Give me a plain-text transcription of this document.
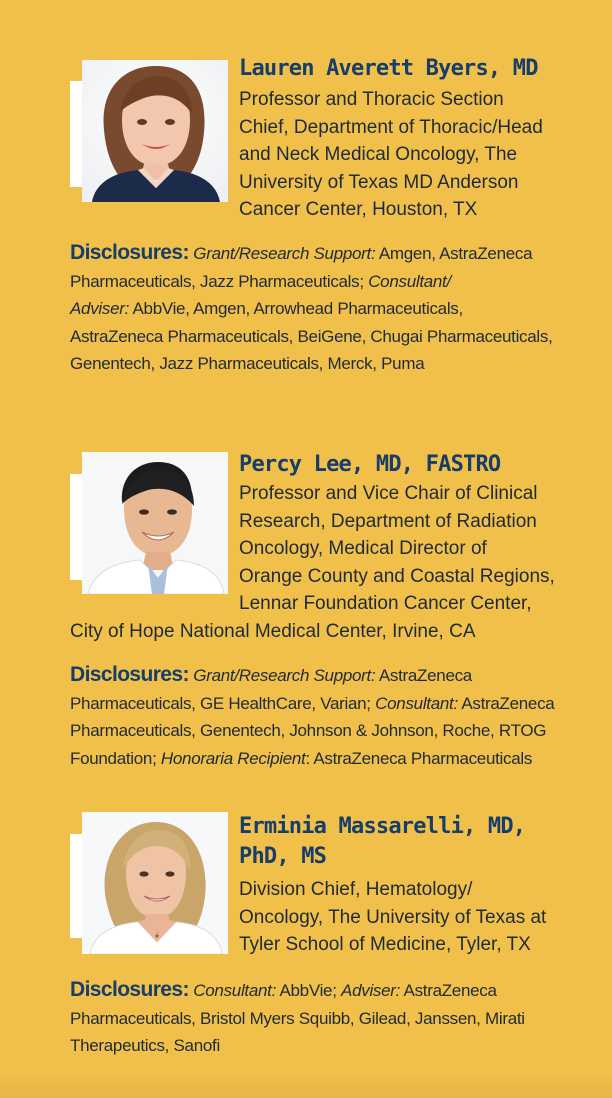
Lauren Averett Byers, MD
Professor and Thoracic Section
Chief, Department of Thoracic/Head
and Neck Medical Oncology, The
University of Texas MD Anderson
Cancer Center, Houston, TX
Disclosures: Grant/Research Support: Amgen, AstraZeneca
Pharmaceuticals, Jazz Pharmaceuticals; Consultant/
Adviser: AbbVie, Amgen, Arrowhead Pharmaceuticals,
AstraZeneca Pharmaceuticals, BeiGene, Chugai Pharmaceuticals,
Genentech, Jazz Pharmaceuticals, Merck, Puma
Percy Lee, MD, FASTRO
Professor and Vice Chair of Clinical
Research, Department of Radiation
Oncology, Medical Director of
Orange County and Coastal Regions,
Lennar Foundation Cancer Center,
City of Hope National Medical Center, Irvine, CA
Disclosures: Grant/Research Support: AstraZeneca
Pharmaceuticals, GE HealthCare, Varian; Consultant: AstraZeneca
Pharmaceuticals, Genentech, Johnson & Johnson, Roche, RTOG
Foundation; Honoraria Recipient: AstraZeneca Pharmaceuticals
Erminia Massarelli, MD,
PhD, MS
Division Chief, Hematology/
Oncology, The University of Texas at
Tyler School of Medicine, Tyler, TX
Disclosures: Consultant: AbbVie; Adviser: AstraZeneca
Pharmaceuticals, Bristol Myers Squibb, Gilead, Janssen, Mirati
Therapeutics, Sanofi
